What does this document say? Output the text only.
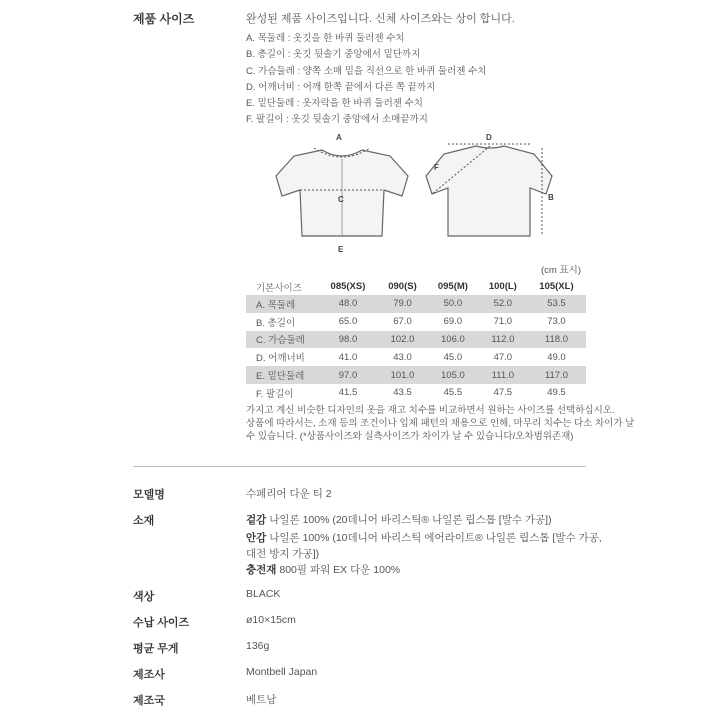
제품 사이즈	완성된 제품 사이즈입니다. 신체 사이즈와는 상이 합니다.
A. 목둘레 : 옷깃을 한 바퀴 둘러젠 수치
B. 총길이 : 옷깃 뒷솔기 중앙에서 밑단까지
C. 가슴둘레 : 양쪽 소매 밑을 직선으로 한 바퀴 둘러젠 수치
D. 어깨너비 : 어깨 한쪽 끝에서 다른 쪽 끝까지
E. 밑단둘레 : 옷자락을 한 바퀴 둘러젠 수치
F. 팔길이 : 옷깃 뒷솔기 중앙에서 소매끝까지
A
C
E
D
F
B
(cm 표시)
기본사이즈	085(XS)	090(S)	095(M)	100(L)	105(XL)
A. 목둘레	48.0	79.0	50.0	52.0	53.5
B. 총길이	65.0	67.0	69.0	71.0	73.0
C. 가슴둘레	98.0	102.0	106.0	112.0	118.0
D. 어깨너비	41.0	43.0	45.0	47.0	49.0
E. 밑단둘레	97.0	101.0	105.0	111.0	117.0
F. 팔길이	41.5	43.5	45.5	47.5	49.5
가지고 계신 비슷한 디자인의 옷을 재고 치수를 비교하면서 원하는 사이즈를 선택하십시오.
상품에 따라서는, 소재 등의 조건이나 입체 패턴의 채용으로 인해, 마무리 치수는 다소 차이가 날
수 있습니다. (*상품사이즈와 실측사이즈가 차이가 날 수 있습니다/오차범위존재)
모델명	수페리어 다운 티 2
소재	겉감 나일론 100% (20데니어 바리스틱® 나일론 립스톱 [발수 가공])
안감 나일론 100% (10데니어 바리스틱 에어라이트® 나일론 립스톱 [발수 가공,
대전 방지 가공])
충전재 800필 파워 EX 다운 100%
색상	BLACK
수납 사이즈	ø10×15cm
평균 무게	136g
제조사	Montbell Japan
제조국	베트남
